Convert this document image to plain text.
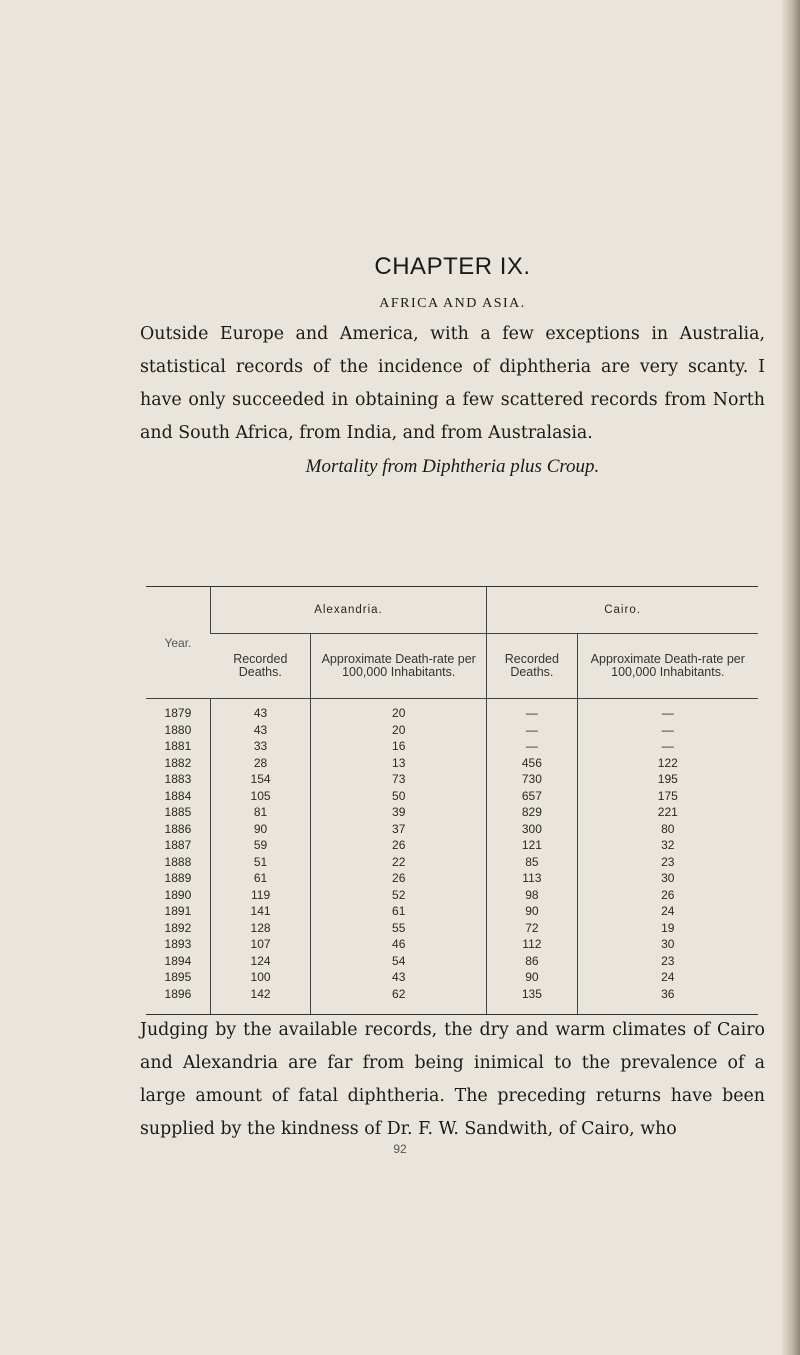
CHAPTER IX.
AFRICA AND ASIA.

Outside Europe and America, with a few exceptions in Australia, statistical records of the incidence of diphtheria are very scanty. I have only succeeded in obtaining a few scattered records from North and South Africa, from India, and from Australasia.

Mortality from Diphtheria plus Croup.

Year.	Alexandria.		Cairo.	
	Recorded Deaths.	Approximate Death-rate per 100,000 Inhabitants.	Recorded Deaths.	Approximate Death-rate per 100,000 Inhabitants.
1879	43	20	—	—
1880	43	20	—	—
1881	33	16	—	—
1882	28	13	456	122
1883	154	73	730	195
1884	105	50	657	175
1885	81	39	829	221
1886	90	37	300	80
1887	59	26	121	32
1888	51	22	85	23
1889	61	26	113	30
1890	119	52	98	26
1891	141	61	90	24
1892	128	55	72	19
1893	107	46	112	30
1894	124	54	86	23
1895	100	43	90	24
1896	142	62	135	36

Judging by the available records, the dry and warm climates of Cairo and Alexandria are far from being inimical to the prevalence of a large amount of fatal diphtheria. The preceding returns have been supplied by the kindness of Dr. F. W. Sandwith, of Cairo, who

92
